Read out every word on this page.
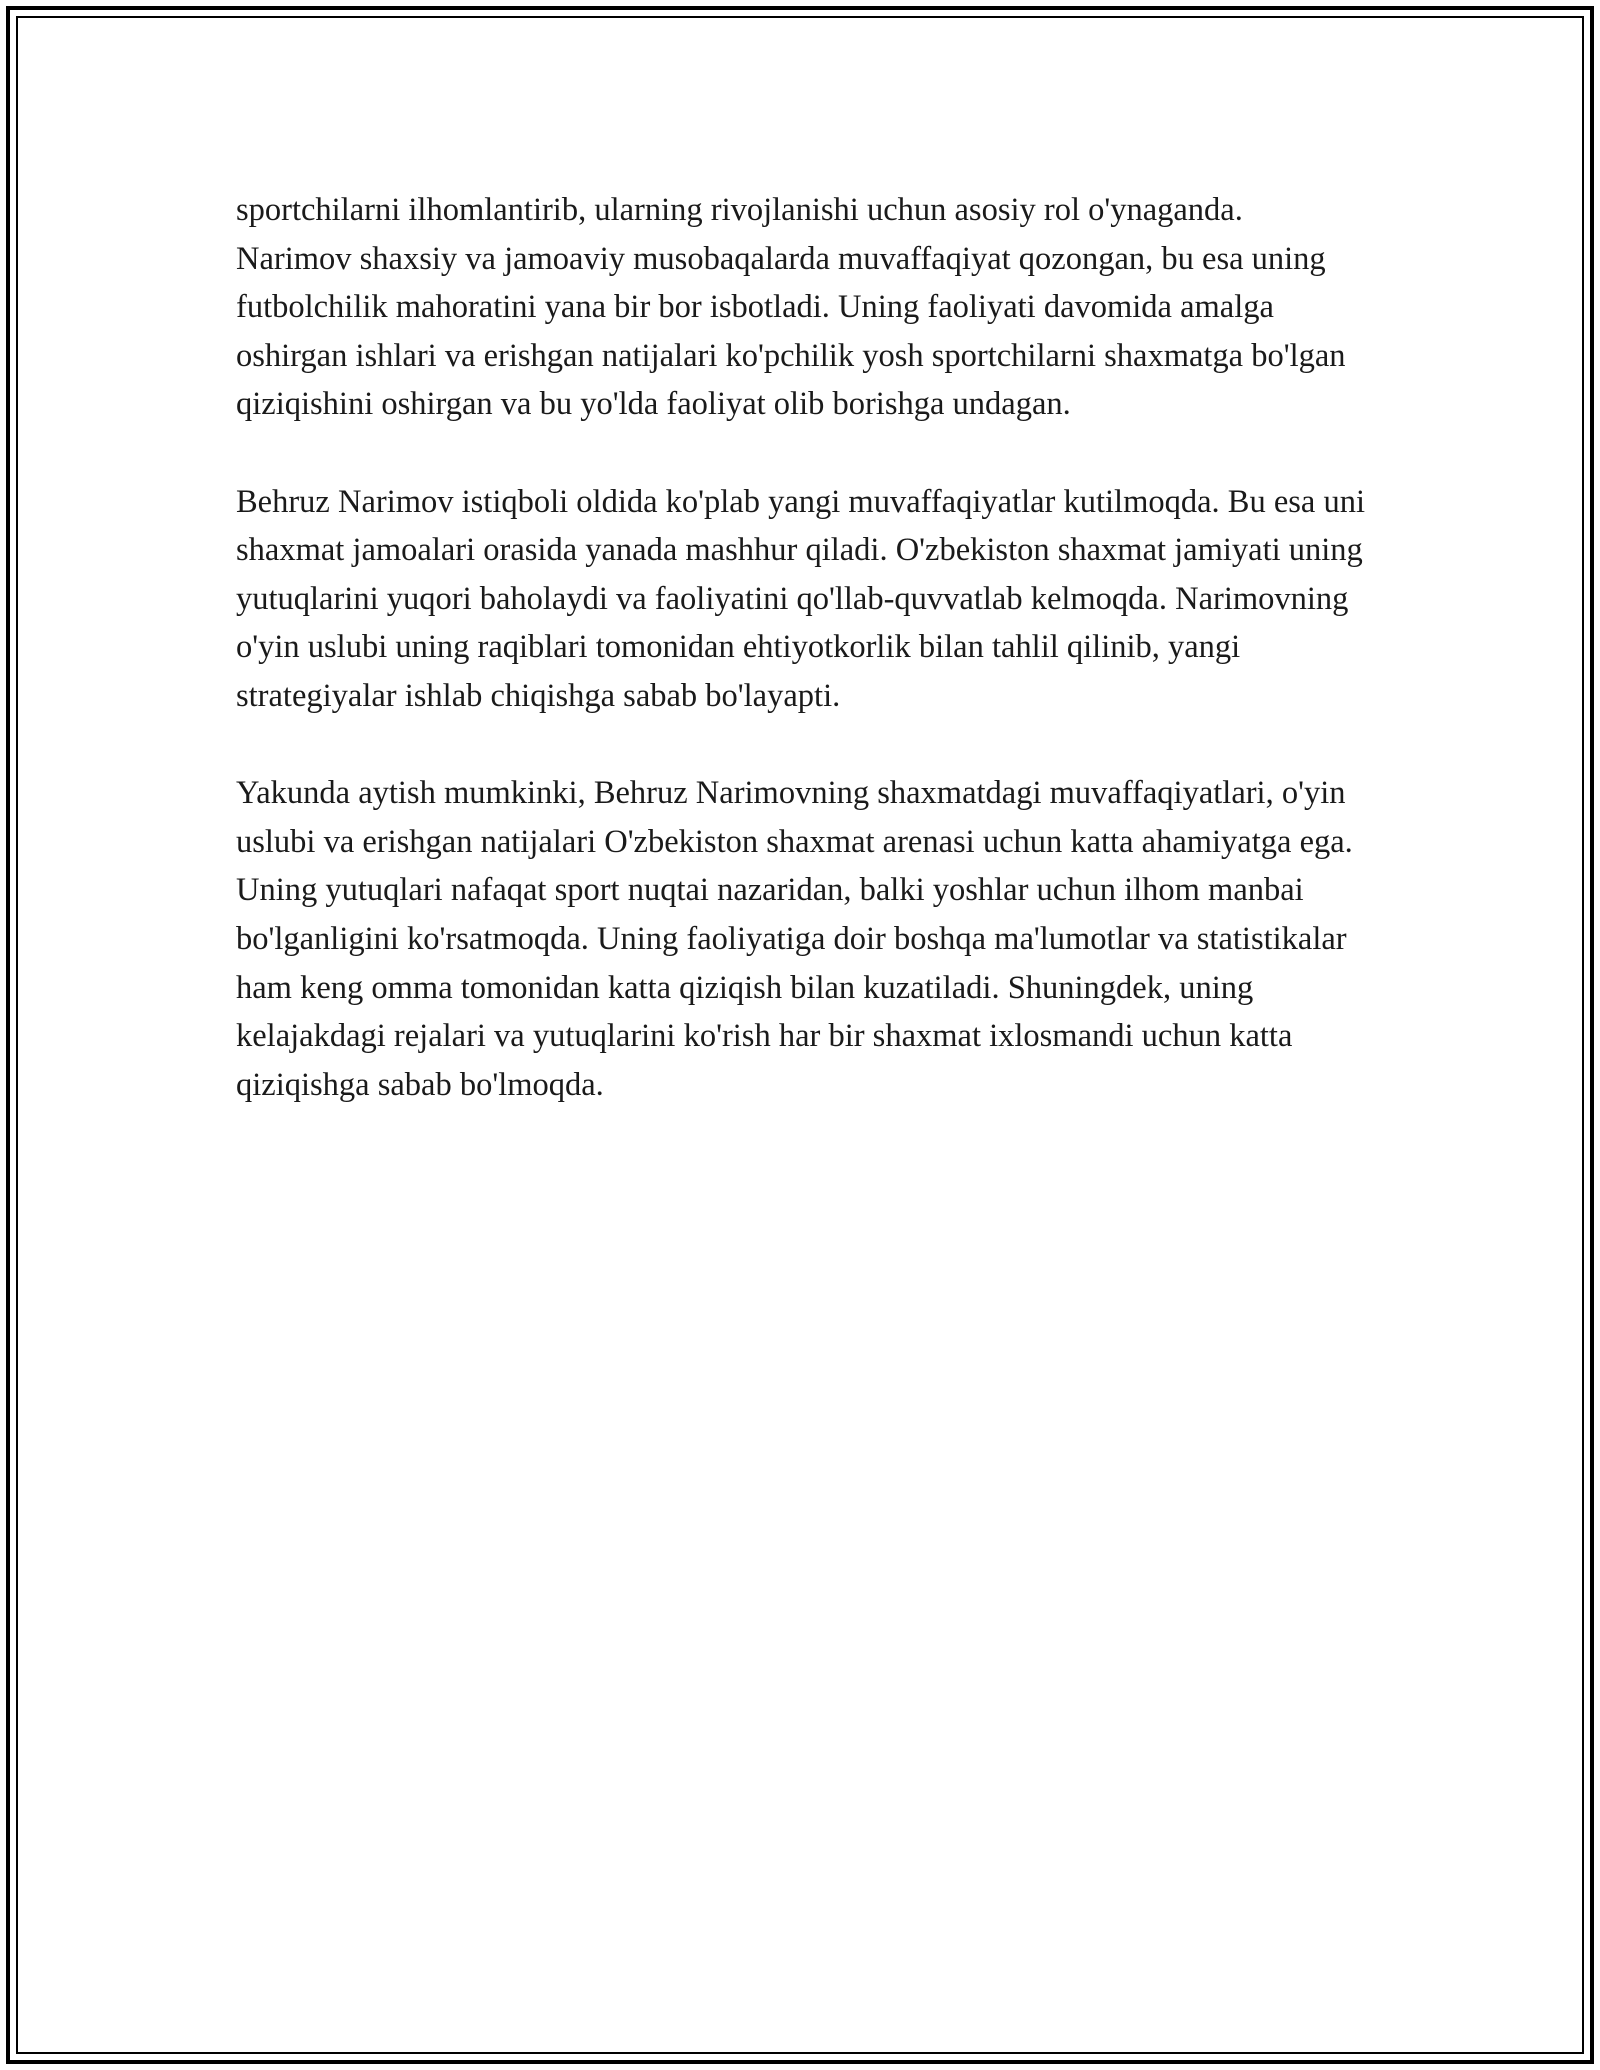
sportchilarni ilhomlantirib, ularning rivojlanishi uchun asosiy rol o'ynaganda. Narimov shaxsiy va jamoaviy musobaqalarda muvaffaqiyat qozongan, bu esa uning futbolchilik mahoratini yana bir bor isbotladi. Uning faoliyati davomida amalga oshirgan ishlari va erishgan natijalari ko'pchilik yosh sportchilarni shaxmatga bo'lgan qiziqishini oshirgan va bu yo'lda faoliyat olib borishga undagan.

Behruz Narimov istiqboli oldida ko'plab yangi muvaffaqiyatlar kutilmoqda. Bu esa uni shaxmat jamoalari orasida yanada mashhur qiladi. O'zbekiston shaxmat jamiyati uning yutuqlarini yuqori baholaydi va faoliyatini qo'llab-quvvatlab kelmoqda. Narimovning o'yin uslubi uning raqiblari tomonidan ehtiyotkorlik bilan tahlil qilinib, yangi strategiyalar ishlab chiqishga sabab bo'layapti.

Yakunda aytish mumkinki, Behruz Narimovning shaxmatdagi muvaffaqiyatlari, o'yin uslubi va erishgan natijalari O'zbekiston shaxmat arenasi uchun katta ahamiyatga ega. Uning yutuqlari nafaqat sport nuqtai nazaridan, balki yoshlar uchun ilhom manbai bo'lganligini ko'rsatmoqda. Uning faoliyatiga doir boshqa ma'lumotlar va statistikalar ham keng omma tomonidan katta qiziqish bilan kuzatiladi. Shuningdek, uning kelajakdagi rejalari va yutuqlarini ko'rish har bir shaxmat ixlosmandi uchun katta qiziqishga sabab bo'lmoqda.
